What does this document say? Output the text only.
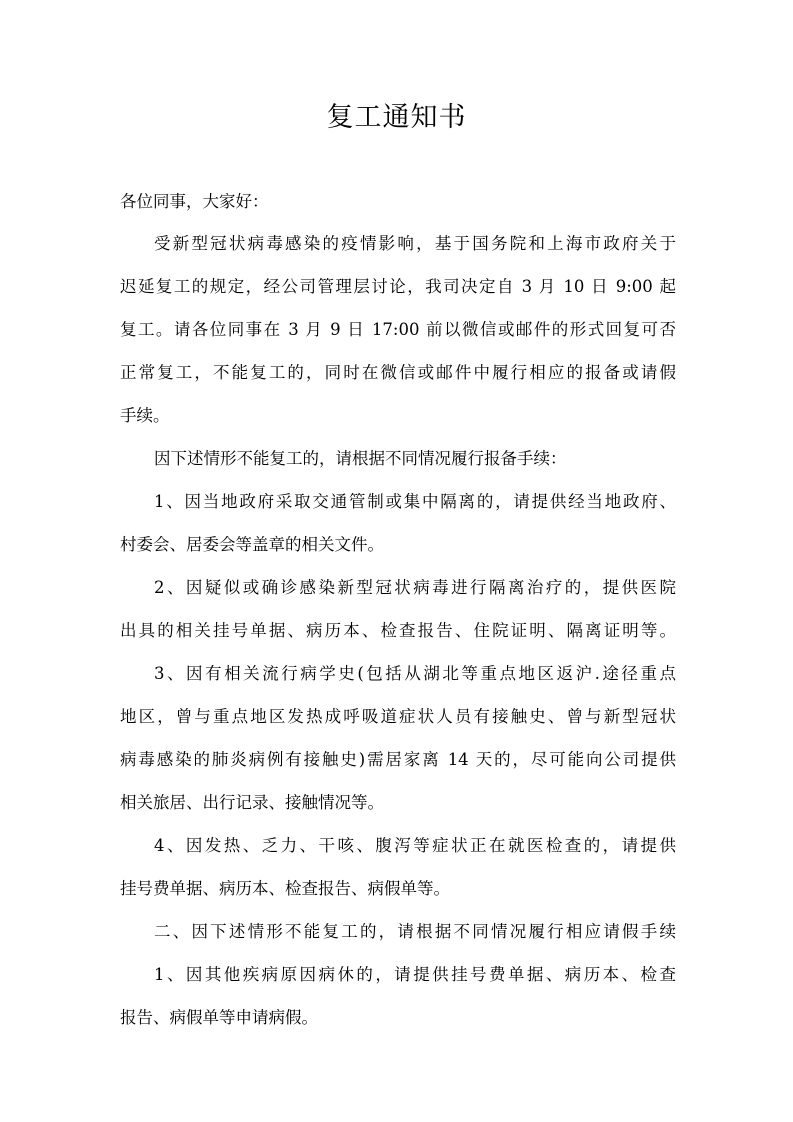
复工通知书
各位同事，大家好：
受新型冠状病毒感染的疫情影响，基于国务院和上海市政府关于
迟延复工的规定，经公司管理层讨论，我司决定自 3 月 10 日 9:00 起
复工。请各位同事在 3 月 9 日 17:00 前以微信或邮件的形式回复可否
正常复工，不能复工的，同时在微信或邮件中履行相应的报备或请假
手续。
因下述情形不能复工的，请根据不同情况履行报备手续：
1、因当地政府采取交通管制或集中隔离的，请提供经当地政府、
村委会、居委会等盖章的相关文件。
2、因疑似或确诊感染新型冠状病毒进行隔离治疗的，提供医院
出具的相关挂号单据、病历本、检查报告、住院证明、隔离证明等。
3、因有相关流行病学史(包括从湖北等重点地区返沪.途径重点
地区，曾与重点地区发热成呼吸道症状人员有接触史、曾与新型冠状
病毒感染的肺炎病例有接触史)需居家离 14 天的，尽可能向公司提供
相关旅居、出行记录、接触情况等。
4、因发热、乏力、干咳、腹泻等症状正在就医检查的，请提供
挂号费单据、病历本、检查报告、病假单等。
二、因下述情形不能复工的，请根据不同情况履行相应请假手续
1、因其他疾病原因病休的，请提供挂号费单据、病历本、检查
报告、病假单等申请病假。
